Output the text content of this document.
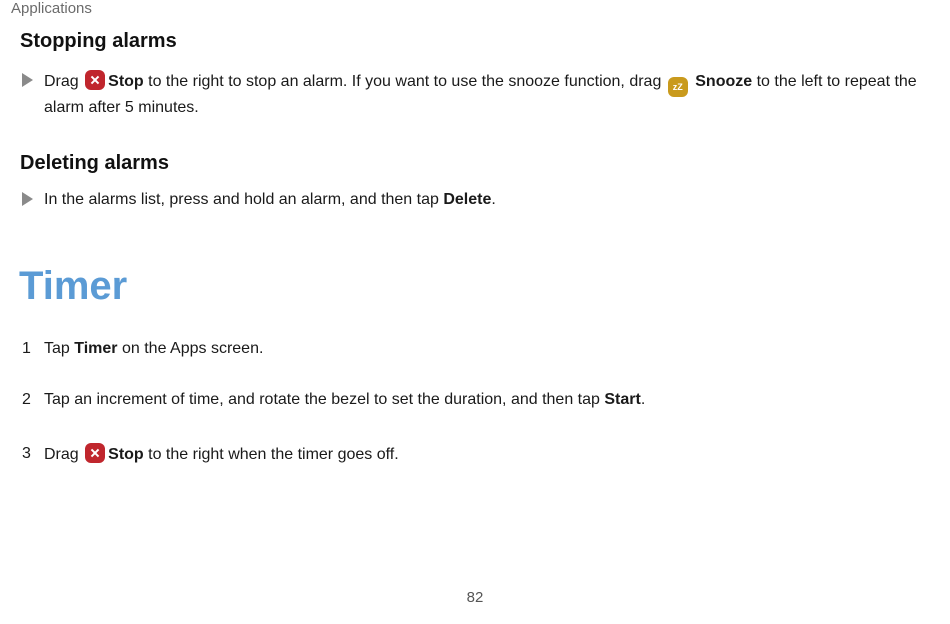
Applications
Stopping alarms
Drag Stop to the right to stop an alarm. If you want to use the snooze function, drag zZ Snooze to the left to repeat the alarm after 5 minutes.
Deleting alarms
In the alarms list, press and hold an alarm, and then tap Delete.
Timer
1 Tap Timer on the Apps screen.
2 Tap an increment of time, and rotate the bezel to set the duration, and then tap Start.
3 Drag Stop to the right when the timer goes off.
82
